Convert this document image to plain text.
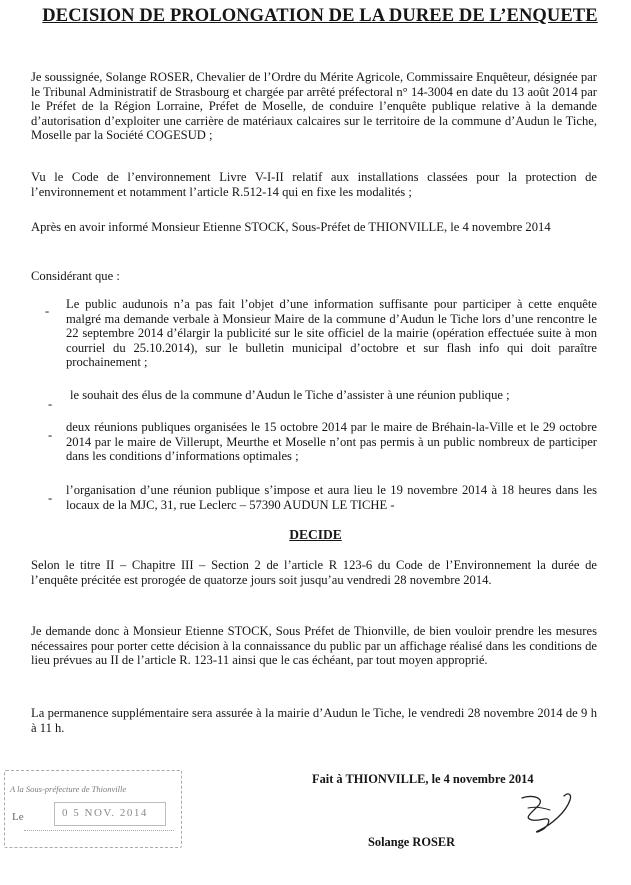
DECISION DE PROLONGATION DE LA DUREE DE L’ENQUETE
Je soussignée, Solange ROSER, Chevalier de l’Ordre du Mérite Agricole, Commissaire Enquêteur, désignée par le Tribunal Administratif de Strasbourg et chargée par arrêté préfectoral n° 14-3004 en date du 13 août 2014 par le Préfet de la Région Lorraine, Préfet de Moselle, de conduire l’enquête publique relative à la demande d’autorisation d’exploiter une carrière de matériaux calcaires sur le territoire de la commune d’Audun le Tiche, Moselle par la Société COGESUD ;
Vu le Code de l’environnement Livre V-I-II relatif aux installations classées pour la protection de l’environnement et notamment l’article R.512-14 qui en fixe les modalités ;
Après en avoir informé Monsieur Etienne STOCK, Sous-Préfet de THIONVILLE, le 4 novembre 2014
Considérant que :
- Le public audunois n’a pas fait l’objet d’une information suffisante pour participer à cette enquête malgré ma demande verbale à Monsieur Maire de la commune d’Audun le Tiche lors d’une rencontre le 22 septembre 2014 d’élargir la publicité sur le site officiel de la mairie (opération effectuée suite à mon courriel du 25.10.2014), sur le bulletin municipal d’octobre et sur flash info qui doit paraître prochainement ;
-
le souhait des élus de la commune d’Audun le Tiche d’assister à une réunion publique ;
-
deux réunions publiques organisées le 15 octobre 2014 par le maire de Bréhain-la-Ville et le 29 octobre 2014 par le maire de Villerupt, Meurthe et Moselle n’ont pas permis à un public nombreux de participer dans les conditions d’informations optimales ;
-
l’organisation d’une réunion publique s’impose et aura lieu le 19 novembre 2014 à 18 heures dans les locaux de la MJC, 31, rue Leclerc – 57390 AUDUN LE TICHE -
DECIDE
Selon le titre II – Chapitre III – Section 2 de l’article R 123-6 du Code de l’Environnement la durée de l’enquête précitée est prorogée de quatorze jours soit jusqu’au vendredi 28 novembre 2014.
Je demande donc à Monsieur Etienne STOCK, Sous Préfet de Thionville, de bien vouloir prendre les mesures nécessaires pour porter cette décision à la connaissance du public par un affichage réalisé dans les conditions de lieu prévues au II de l’article R. 123-11 ainsi que le cas échéant, par tout moyen approprié.
La permanence supplémentaire sera assurée à la mairie d’Audun le Tiche, le vendredi 28 novembre 2014 de 9 h à 11 h.
A la Sous-préfecture de Thionville
Le	0 5 NOV. 2014
Fait à THIONVILLE, le 4 novembre 2014
Solange ROSER
